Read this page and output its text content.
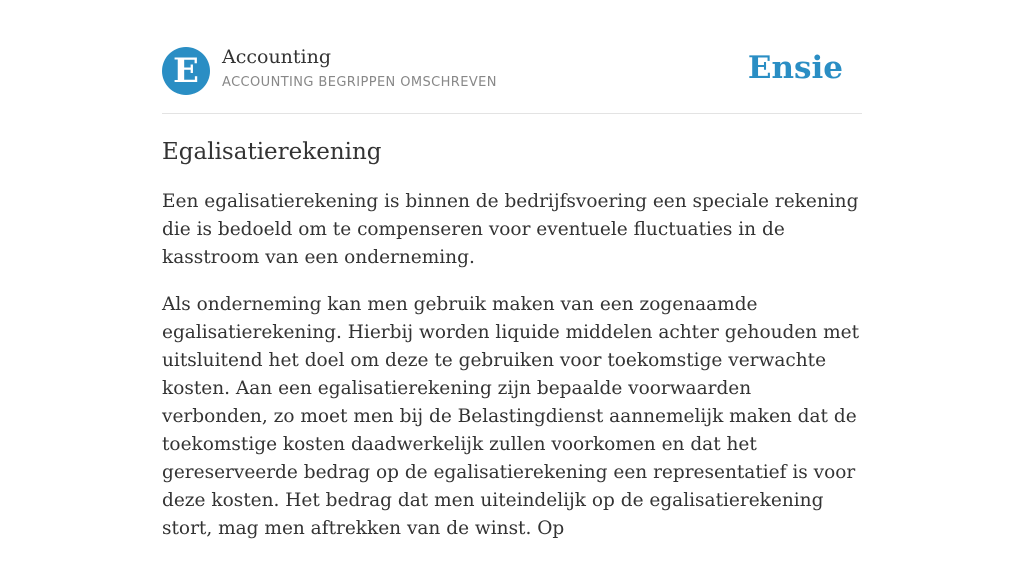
E	Accounting
ACCOUNTING BEGRIPPEN OMSCHREVEN	Ensie
Egalisatierekening

Een egalisatierekening is binnen de bedrijfsvoering een speciale rekening die is bedoeld om te compenseren voor eventuele fluctuaties in de kasstroom van een onderneming.

Als onderneming kan men gebruik maken van een zogenaamde egalisatierekening. Hierbij worden liquide middelen achter gehouden met uitsluitend het doel om deze te gebruiken voor toekomstige verwachte kosten. Aan een egalisatierekening zijn bepaalde voorwaarden verbonden, zo moet men bij de Belastingdienst aannemelijk maken dat de toekomstige kosten daadwerkelijk zullen voorkomen en dat het gereserveerde bedrag op de egalisatierekening een representatief is voor deze kosten. Het bedrag dat men uiteindelijk op de egalisatierekening stort, mag men aftrekken van de winst. Op
